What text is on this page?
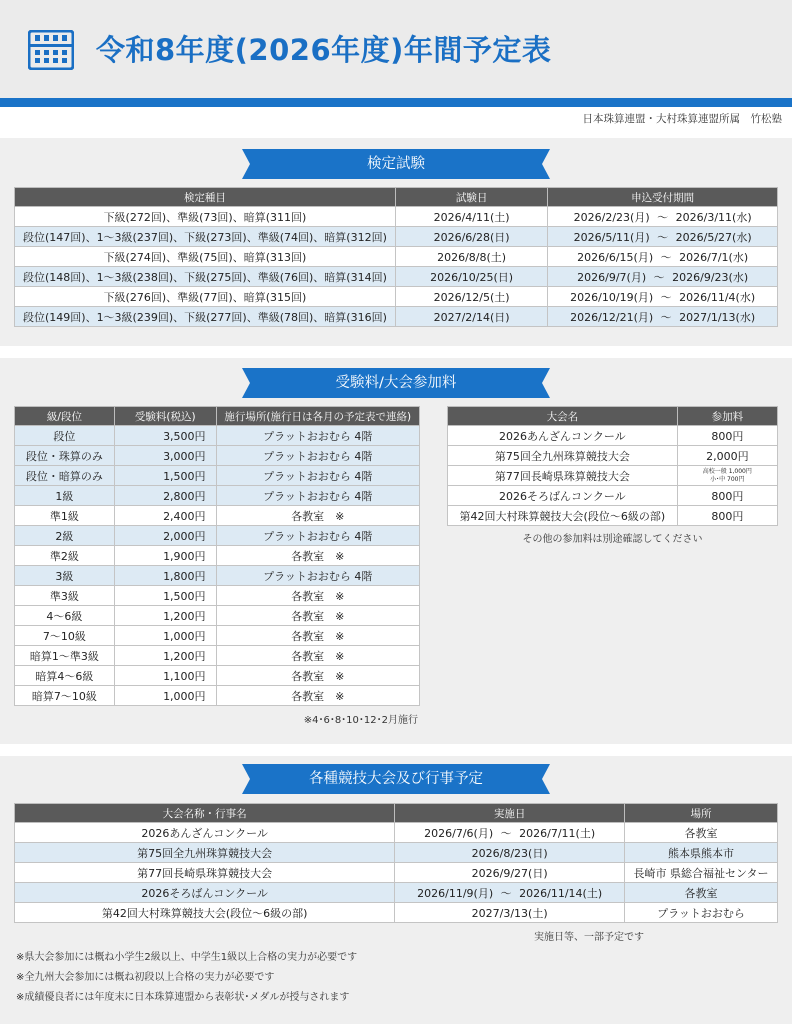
令和8年度(2026年度)年間予定表
日本珠算連盟・大村珠算連盟所属　竹松塾
検定試験
検定種目	試験日	申込受付期間
下級(272回)、準級(73回)、暗算(311回)	2026/4/11(土)	2026/2/23(月) ～ 2026/3/11(水)
段位(147回)、1～3級(237回)、下級(273回)、準級(74回)、暗算(312回)	2026/6/28(日)	2026/5/11(月) ～ 2026/5/27(水)
下級(274回)、準級(75回)、暗算(313回)	2026/8/8(土)	2026/6/15(月) ～ 2026/7/1(水)
段位(148回)、1～3級(238回)、下級(275回)、準級(76回)、暗算(314回)	2026/10/25(日)	2026/9/7(月) ～ 2026/9/23(水)
下級(276回)、準級(77回)、暗算(315回)	2026/12/5(土)	2026/10/19(月) ～ 2026/11/4(水)
段位(149回)、1～3級(239回)、下級(277回)、準級(78回)、暗算(316回)	2027/2/14(日)	2026/12/21(月) ～ 2027/1/13(水)
受験料/大会参加料
級/段位	受験料(税込)	施行場所(施行日は各月の予定表で連絡)
段位	3,500円	プラットおおむら 4階
段位・珠算のみ	3,000円	プラットおおむら 4階
段位・暗算のみ	1,500円	プラットおおむら 4階
1級	2,800円	プラットおおむら 4階
準1級	2,400円	各教室　※
2級	2,000円	プラットおおむら 4階
準2級	1,900円	各教室　※
3級	1,800円	プラットおおむら 4階
準3級	1,500円	各教室　※
4～6級	1,200円	各教室　※
7～10級	1,000円	各教室　※
暗算1～準3級	1,200円	各教室　※
暗算4～6級	1,100円	各教室　※
暗算7～10級	1,000円	各教室　※
※4･6･8･10･12･2月施行
大会名	参加料
2026あんざんコンクール	800円
第75回全九州珠算競技大会	2,000円
第77回長崎県珠算競技大会	高校一般 1,000円
小･中 700円

2026そろばんコンクール	800円
第42回大村珠算競技大会(段位～6級の部)	800円
その他の参加料は別途確認してください
各種競技大会及び行事予定
大会名称・行事名	実施日	場所
2026あんざんコンクール	2026/7/6(月) ～ 2026/7/11(土)	各教室
第75回全九州珠算競技大会	2026/8/23(日)	熊本県熊本市
第77回長崎県珠算競技大会	2026/9/27(日)	長崎市 県総合福祉センター
2026そろばんコンクール	2026/11/9(月) ～ 2026/11/14(土)	各教室
第42回大村珠算競技大会(段位～6級の部)	2027/3/13(土)	プラットおおむら
実施日等、一部予定です
※県大会参加には概ね小学生2級以上、中学生1級以上合格の実力が必要です
※全九州大会参加には概ね初段以上合格の実力が必要です
※成績優良者には年度末に日本珠算連盟から表彰状･メダルが授与されます
